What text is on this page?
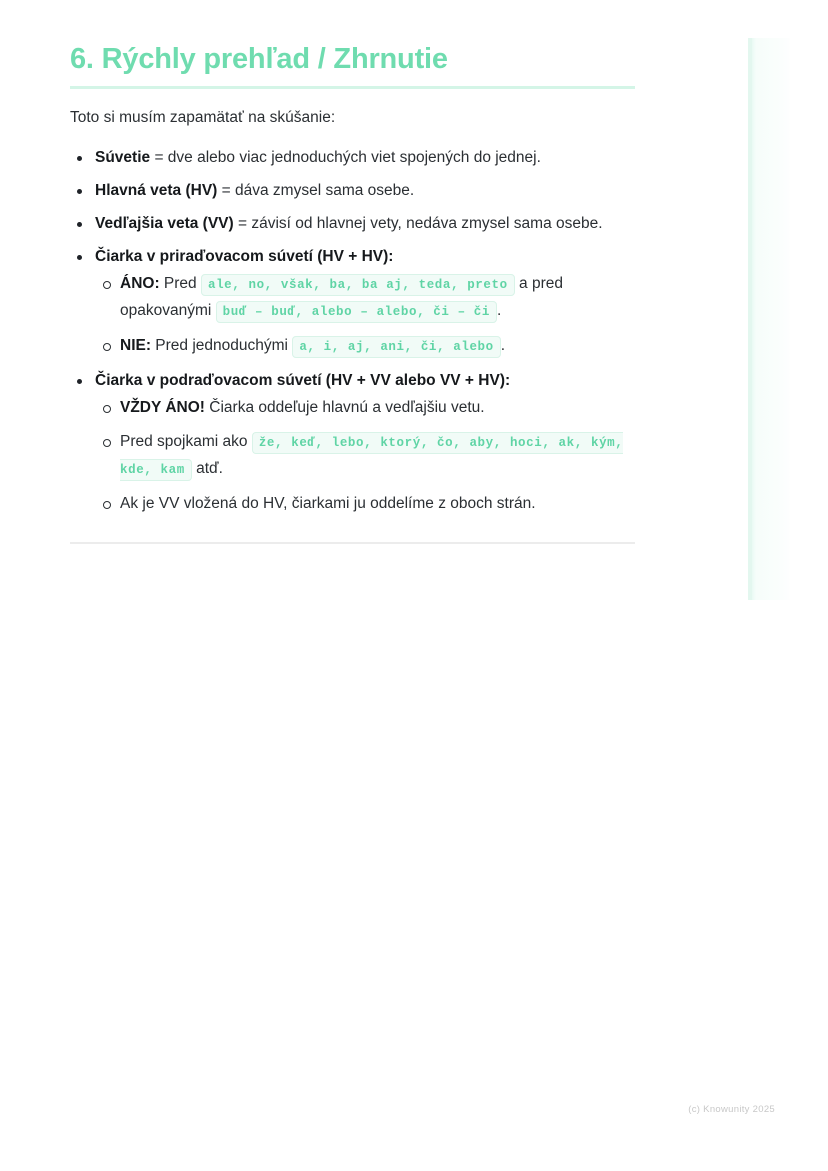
6. Rýchly prehľad / Zhrnutie

Toto si musím zapamätať na skúšanie:

Súvetie = dve alebo viac jednoduchých viet spojených do jednej.
Hlavná veta (HV) = dáva zmysel sama osebe.
Vedľajšia veta (VV) = závisí od hlavnej vety, nedáva zmysel sama osebe.
Čiarka v priraďovacom súvetí (HV + HV):
ÁNO: Pred ale, no, však, ba, ba aj, teda, preto a pred opakovanými buď – buď, alebo – alebo, či – či .
NIE: Pred jednoduchými a, i, aj, ani, či, alebo .
Čiarka v podraďovacom súvetí (HV + VV alebo VV + HV):
VŽDY ÁNO! Čiarka oddeľuje hlavnú a vedľajšiu vetu.
Pred spojkami ako že, keď, lebo, ktorý, čo, aby, hoci, ak, kým, kde, kam atď.
Ak je VV vložená do HV, čiarkami ju oddelíme z oboch strán.
(c) Knowunity 2025
